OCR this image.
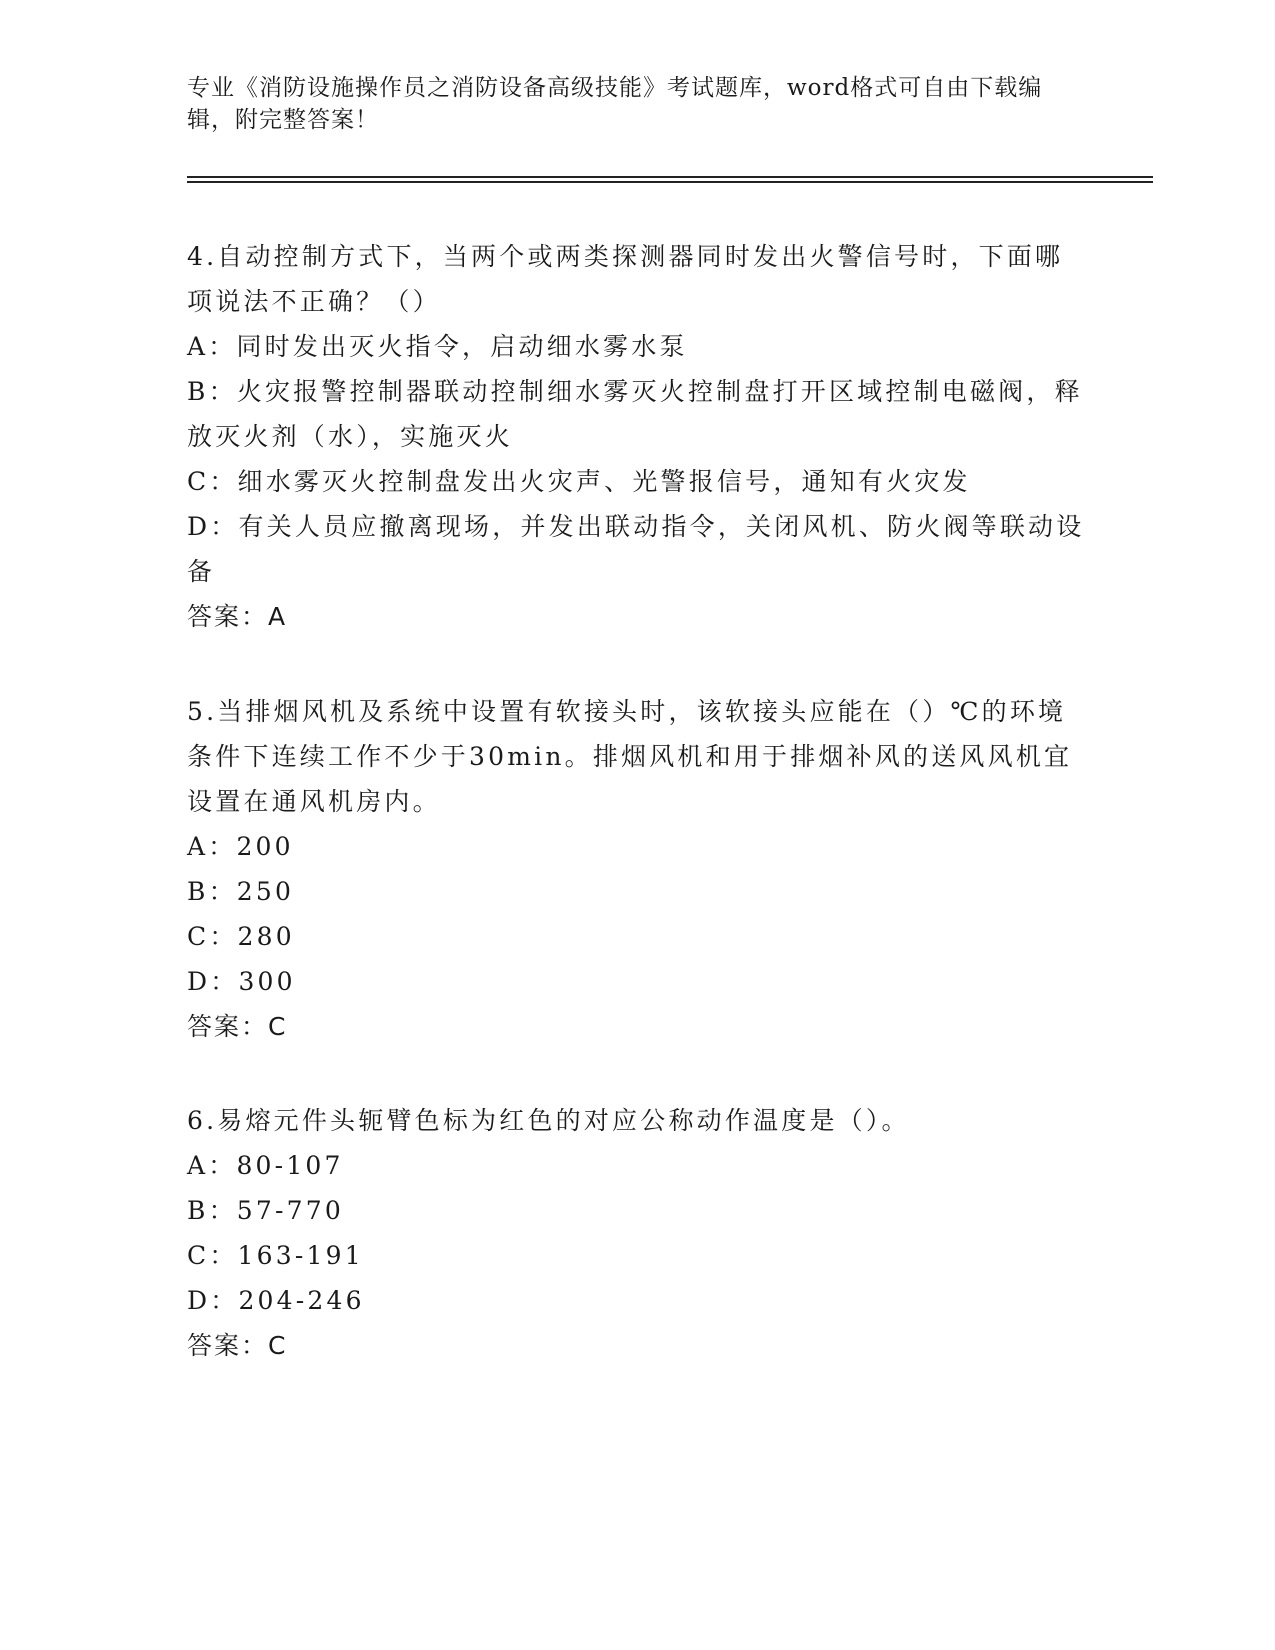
专业《消防设施操作员之消防设备高级技能》考试题库，word格式可自由下载编辑，附完整答案！

4.自动控制方式下，当两个或两类探测器同时发出火警信号时，下面哪项说法不正确？（）

A：同时发出灭火指令，启动细水雾水泵

B：火灾报警控制器联动控制细水雾灭火控制盘打开区域控制电磁阀，释放灭火剂（水），实施灭火

C：细水雾灭火控制盘发出火灾声、光警报信号，通知有火灾发

D：有关人员应撤离现场，并发出联动指令，关闭风机、防火阀等联动设备

答案：A

5.当排烟风机及系统中设置有软接头时，该软接头应能在（）℃的环境条件下连续工作不少于30min。排烟风机和用于排烟补风的送风风机宜设置在通风机房内。

A：200

B：250

C：280

D：300

答案：C

6.易熔元件头轭臂色标为红色的对应公称动作温度是（）。

A：80-107

B：57-770

C：163-191

D：204-246

答案：C
